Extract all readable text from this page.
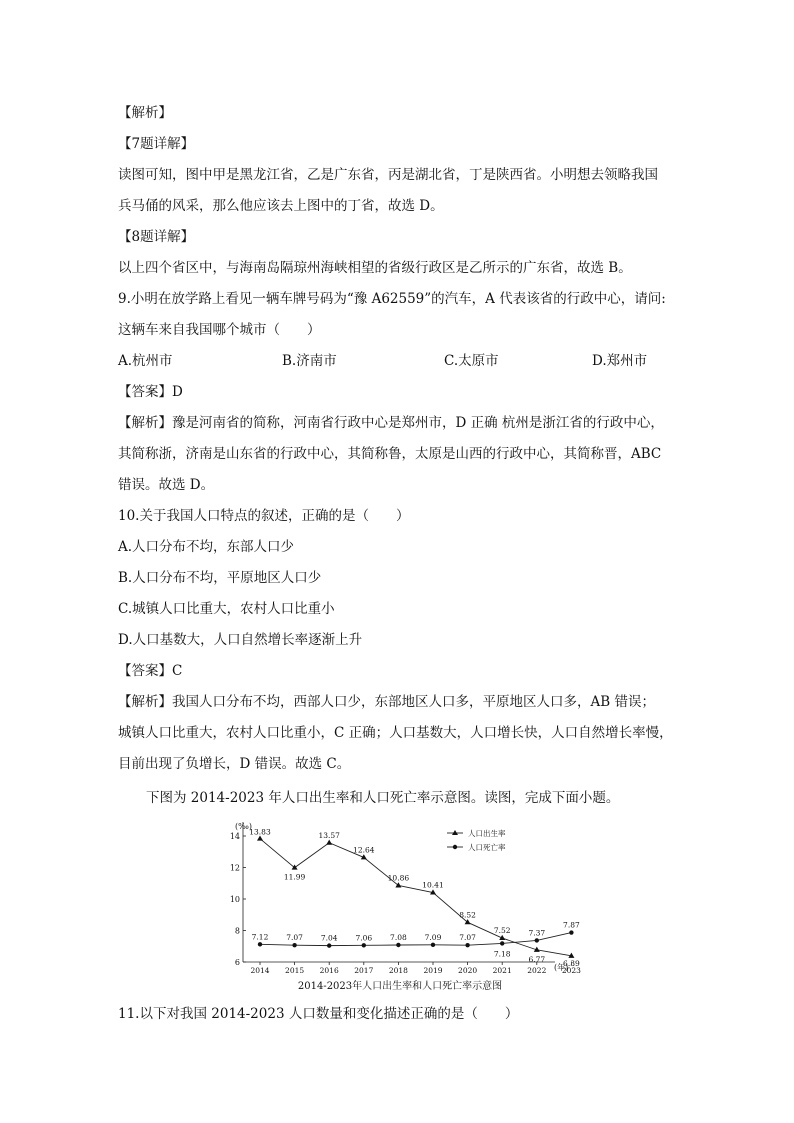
【解析】
【7题详解】
读图可知，图中甲是黑龙江省，乙是广东省，丙是湖北省，丁是陕西省。小明想去领略我国
兵马俑的风采，那么他应该去上图中的丁省，故选 D。
【8题详解】
以上四个省区中，与海南岛隔琼州海峡相望的省级行政区是乙所示的广东省，故选 B。
9.小明在放学路上看见一辆车牌号码为“豫 A62559”的汽车，A 代表该省的行政中心，请问:
这辆车来自我国哪个城市（　　）
A.杭州市	B.济南市	C.太原市	D.郑州市
【答案】D
【解析】豫是河南省的简称，河南省行政中心是郑州市，D 正确 杭州是浙江省的行政中心，
其简称浙，济南是山东省的行政中心，其简称鲁，太原是山西的行政中心，其简称晋，ABC
错误。故选 D。
10.关于我国人口特点的叙述，正确的是（　　）
A.人口分布不均，东部人口少
B.人口分布不均，平原地区人口少
C.城镇人口比重大，农村人口比重小
D.人口基数大，人口自然增长率逐渐上升
【答案】C
【解析】我国人口分布不均，西部人口少，东部地区人口多，平原地区人口多，AB 错误；
城镇人口比重大，农村人口比重小，C 正确；人口基数大，人口增长快，人口自然增长率慢，
目前出现了负增长，D 错误。故选 C。
下图为 2014-2023 年人口出生率和人口死亡率示意图。读图，完成下面小题。
6
8
10
12
14
2014 2015 2016 2017 2018 2019 2020 2021 2022 2023
13.83
11.99
13.57
12.64
10.86
10.41
8.52
7.52
6.77 6.39
7.12 7.07 7.04 7.06 7.08 7.09 7.07
7.18
7.37
7.87
人口出生率
人口死亡率
(‰)
(年)
2014-2023年人口出生率和人口死亡率示意图
11.以下对我国 2014-2023 人口数量和变化描述正确的是（　　）
